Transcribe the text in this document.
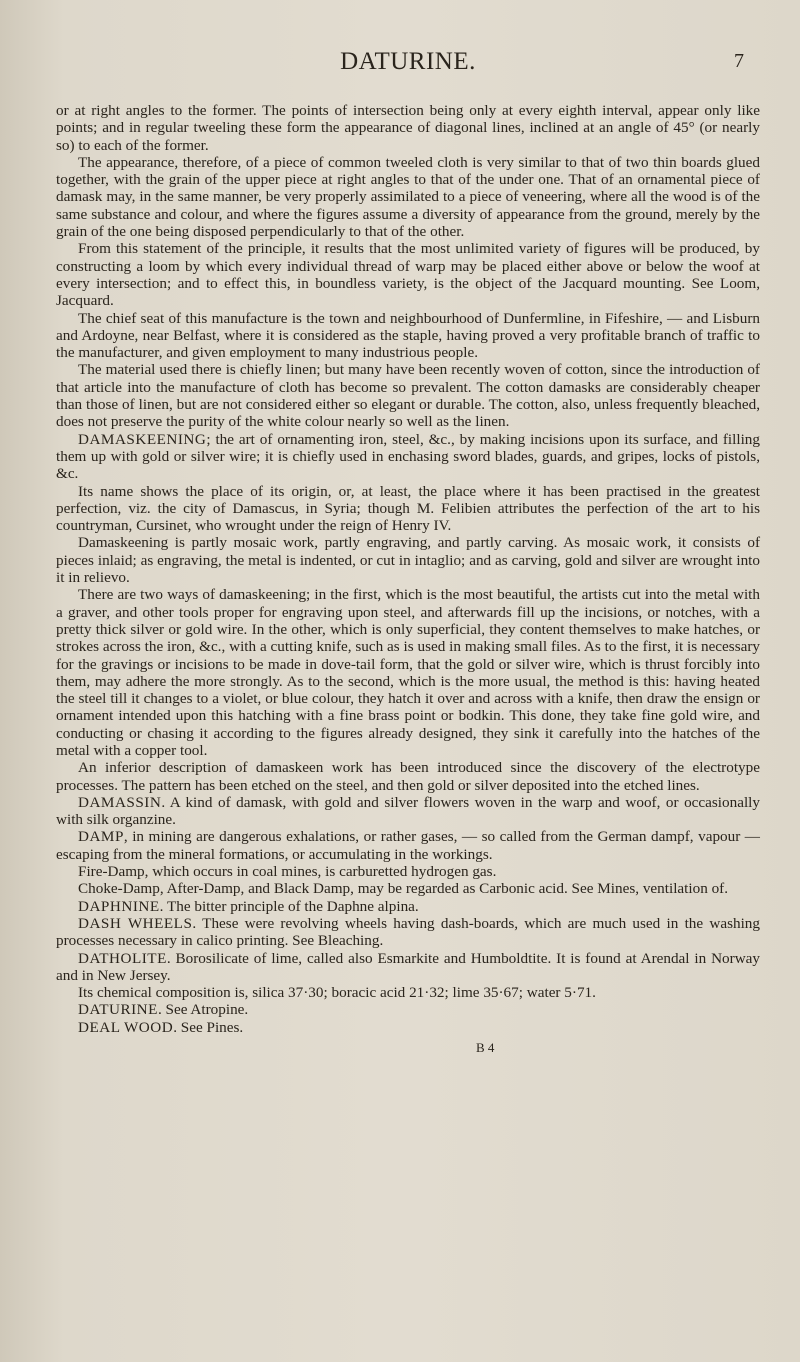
DATURINE.	7

or at right angles to the former. The points of intersection being only at every eighth interval, appear only like points; and in regular tweeling these form the appearance of diagonal lines, inclined at an angle of 45° (or nearly so) to each of the former.

The appearance, therefore, of a piece of common tweeled cloth is very similar to that of two thin boards glued together, with the grain of the upper piece at right angles to that of the under one. That of an ornamental piece of damask may, in the same manner, be very properly assimilated to a piece of veneering, where all the wood is of the same substance and colour, and where the figures assume a diversity of appearance from the ground, merely by the grain of the one being disposed perpendicularly to that of the other.

From this statement of the principle, it results that the most unlimited variety of figures will be produced, by constructing a loom by which every individual thread of warp may be placed either above or below the woof at every intersection; and to effect this, in boundless variety, is the object of the Jacquard mounting. See Loom, Jacquard.

The chief seat of this manufacture is the town and neighbourhood of Dunfermline, in Fifeshire, — and Lisburn and Ardoyne, near Belfast, where it is considered as the staple, having proved a very profitable branch of traffic to the manufacturer, and given employment to many industrious people.

The material used there is chiefly linen; but many have been recently woven of cotton, since the introduction of that article into the manufacture of cloth has become so prevalent. The cotton damasks are considerably cheaper than those of linen, but are not considered either so elegant or durable. The cotton, also, unless frequently bleached, does not preserve the purity of the white colour nearly so well as the linen.

DAMASKEENING; the art of ornamenting iron, steel, &c., by making incisions upon its surface, and filling them up with gold or silver wire; it is chiefly used in enchasing sword blades, guards, and gripes, locks of pistols, &c.

Its name shows the place of its origin, or, at least, the place where it has been practised in the greatest perfection, viz. the city of Damascus, in Syria; though M. Felibien attributes the perfection of the art to his countryman, Cursinet, who wrought under the reign of Henry IV.

Damaskeening is partly mosaic work, partly engraving, and partly carving. As mosaic work, it consists of pieces inlaid; as engraving, the metal is indented, or cut in intaglio; and as carving, gold and silver are wrought into it in relievo.

There are two ways of damaskeening; in the first, which is the most beautiful, the artists cut into the metal with a graver, and other tools proper for engraving upon steel, and afterwards fill up the incisions, or notches, with a pretty thick silver or gold wire. In the other, which is only superficial, they content themselves to make hatches, or strokes across the iron, &c., with a cutting knife, such as is used in making small files. As to the first, it is necessary for the gravings or incisions to be made in dove-tail form, that the gold or silver wire, which is thrust forcibly into them, may adhere the more strongly. As to the second, which is the more usual, the method is this: having heated the steel till it changes to a violet, or blue colour, they hatch it over and across with a knife, then draw the ensign or ornament intended upon this hatching with a fine brass point or bodkin. This done, they take fine gold wire, and conducting or chasing it according to the figures already designed, they sink it carefully into the hatches of the metal with a copper tool.

An inferior description of damaskeen work has been introduced since the discovery of the electrotype processes. The pattern has been etched on the steel, and then gold or silver deposited into the etched lines.

DAMASSIN. A kind of damask, with gold and silver flowers woven in the warp and woof, or occasionally with silk organzine.

DAMP, in mining are dangerous exhalations, or rather gases, — so called from the German dampf, vapour — escaping from the mineral formations, or accumulating in the workings.

Fire-Damp, which occurs in coal mines, is carburetted hydrogen gas.

Choke-Damp, After-Damp, and Black Damp, may be regarded as Carbonic acid. See Mines, ventilation of.

DAPHNINE. The bitter principle of the Daphne alpina.

DASH WHEELS. These were revolving wheels having dash-boards, which are much used in the washing processes necessary in calico printing. See Bleaching.

DATHOLITE. Borosilicate of lime, called also Esmarkite and Humboldtite. It is found at Arendal in Norway and in New Jersey.

Its chemical composition is, silica 37·30; boracic acid 21·32; lime 35·67; water 5·71.

DATURINE. See Atropine.

DEAL WOOD. See Pines.

B 4
